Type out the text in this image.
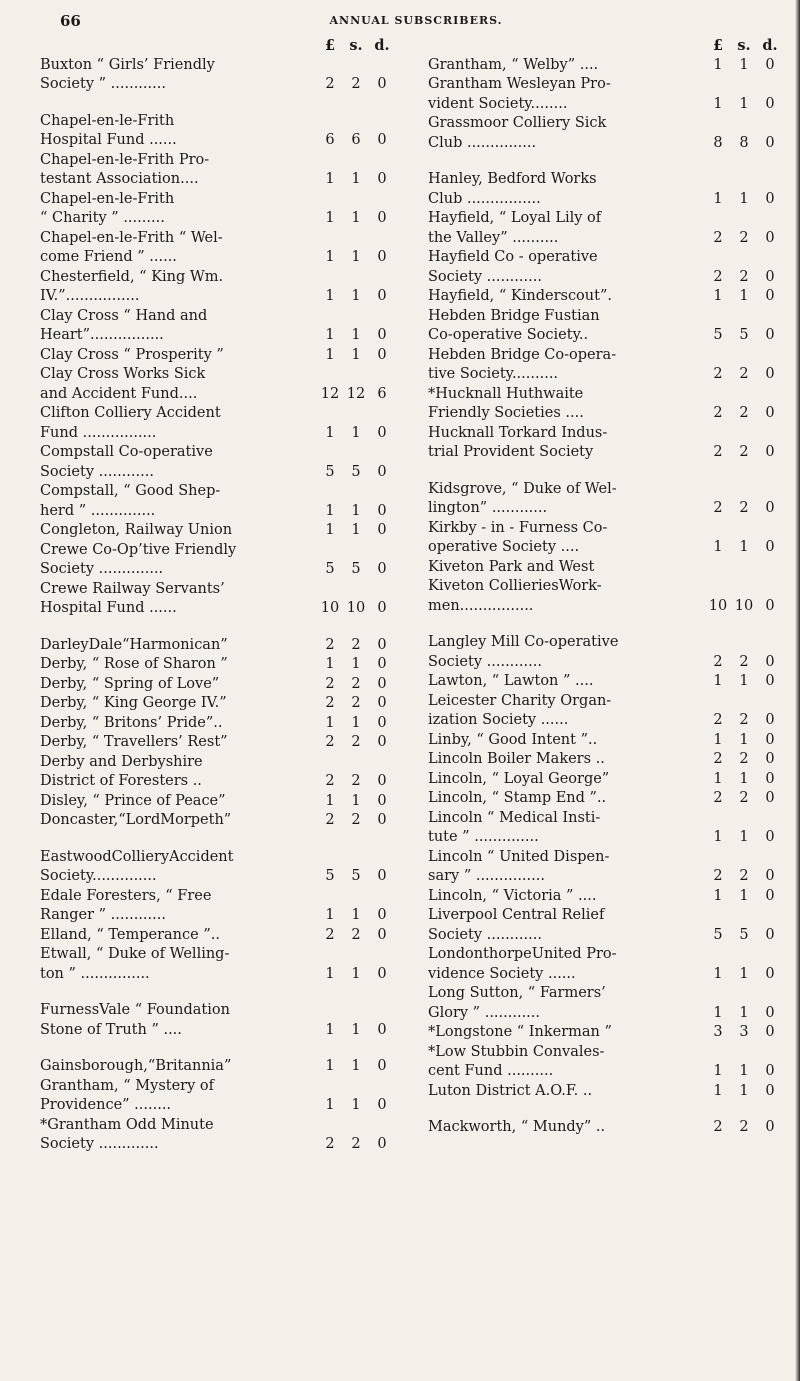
66	ANNUAL SUBSCRIBERS.
£ s. d.
Buxton “ Girls’ Friendly
Society ” ............	2	2	0
Chapel-en-le-Frith
Hospital Fund ......	6	6	0
Chapel-en-le-Frith Pro-
testant Association....	1	1	0
Chapel-en-le-Frith
“ Charity ” .........	1	1	0
Chapel-en-le-Frith “ Wel-
come Friend ” ......	1	1	0
Chesterfield, “ King Wm.
IV.”................	1	1	0
Clay Cross “ Hand and
Heart”................	1	1	0
Clay Cross “ Prosperity ”	1	1	0
Clay Cross Works Sick
and Accident Fund....	12 12 6
Clifton Colliery Accident
Fund ................	1	1	0
Compstall Co-operative
Society ............	5	5	0
Compstall, “ Good Shep-
herd ” ..............	1	1	0
Congleton, Railway Union	1	1	0
Crewe Co-Op’tive Friendly
Society ..............	5	5	0
Crewe Railway Servants’
Hospital Fund ......	10 10 0
DarleyDale“Harmonican”	2	2	0
Derby, “ Rose of Sharon ”	1	1	0
Derby, “ Spring of Love”	2	2	0
Derby, “ King George IV.”	2	2	0
Derby, “ Britons’ Pride”..	1	1	0
Derby, “ Travellers’ Rest”	2	2	0
Derby and Derbyshire
District of Foresters ..	2	2	0
Disley, “ Prince of Peace”	1	1	0
Doncaster,“LordMorpeth”	2	2	0
EastwoodCollieryAccident
Society..............	5	5	0
Edale Foresters, “ Free
Ranger ” ............	1	1	0
Elland, “ Temperance ”..	2	2	0
Etwall, “ Duke of Welling-
ton ” ...............	1	1	0
FurnessVale “ Foundation
Stone of Truth ” ....	1	1	0
Gainsborough,“Britannia”	1	1	0
Grantham, “ Mystery of
Providence” ........	1	1	0
*Grantham Odd Minute
Society .............	2	2	0
£ s. d.
Grantham, “ Welby” ....	1	1	0
Grantham Wesleyan Pro-
vident Society........	1	1	0
Grassmoor Colliery Sick
Club ...............	8	8	0
Hanley, Bedford Works
Club ................	1	1	0
Hayfield, “ Loyal Lily of
the Valley” ..........	2	2	0
Hayfield Co - operative
Society ............	2	2	0
Hayfield, “ Kinderscout”.	1	1	0
Hebden Bridge Fustian
Co-operative Society..	5	5	0
Hebden Bridge Co-opera-
tive Society..........	2	2	0
*Hucknall Huthwaite
Friendly Societies ....	2	2	0
Hucknall Torkard Indus-
trial Provident Society	2	2	0
Kidsgrove, “ Duke of Wel-
lington” ............	2	2	0
Kirkby - in - Furness Co-
operative Society ....	1	1	0
Kiveton Park and West
Kiveton CollieriesWork-
men................	10 10 0
Langley Mill Co-operative
Society ............	2	2	0
Lawton, “ Lawton ” ....	1	1	0
Leicester Charity Organ-
ization Society ......	2	2	0
Linby, “ Good Intent ”..	1	1	0
Lincoln Boiler Makers ..	2	2	0
Lincoln, “ Loyal George”	1	1	0
Lincoln, “ Stamp End ”..	2	2	0
Lincoln “ Medical Insti-
tute ” ..............	1	1	0
Lincoln “ United Dispen-
sary ” ...............	2	2	0
Lincoln, “ Victoria ” ....	1	1	0
Liverpool Central Relief
Society ............	5	5	0
LondonthorpeUnited Pro-
vidence Society ......	1	1	0
Long Sutton, “ Farmers’
Glory ” ............	1	1	0
*Longstone “ Inkerman ”	3	3	0
*Low Stubbin Convales-
cent Fund ..........	1	1	0
Luton District A.O.F. ..	1	1	0
Mackworth, “ Mundy” ..	2	2	0
